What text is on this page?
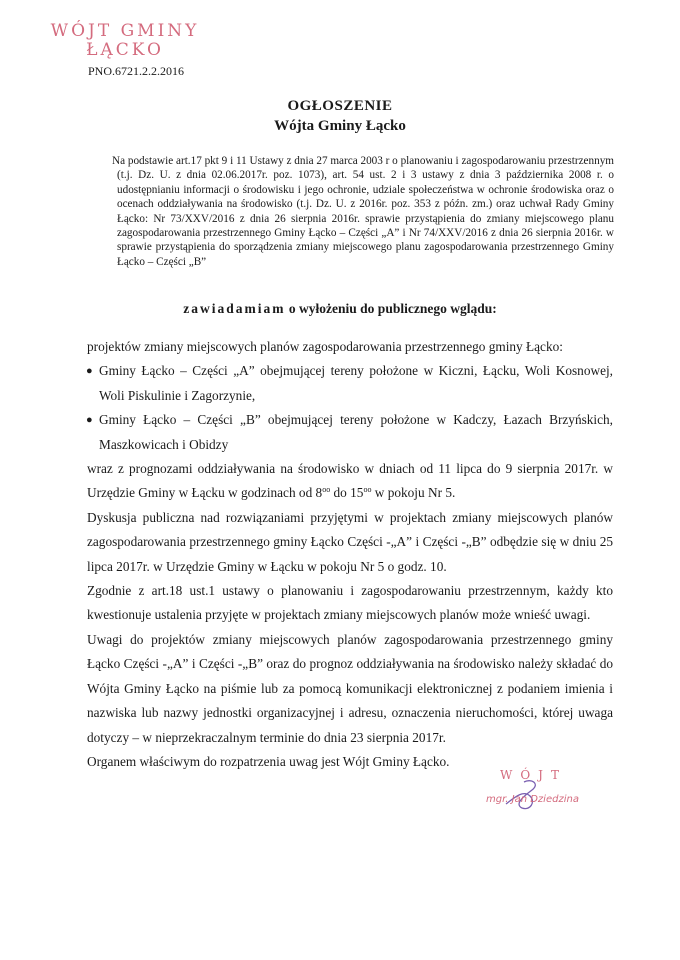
WÓJT GMINY
ŁĄCKO
PNO.6721.2.2.2016
OGŁOSZENIE
Wójta Gminy Łącko

Na podstawie art.17 pkt 9 i 11 Ustawy z dnia 27 marca 2003 r o planowaniu i zagospodarowaniu przestrzennym (t.j. Dz. U. z dnia 02.06.2017r. poz. 1073), art. 54 ust. 2 i 3 ustawy z dnia 3 października 2008 r. o udostępnianiu informacji o środowisku i jego ochronie, udziale społeczeństwa w ochronie środowiska oraz o ocenach oddziaływania na środowisko (t.j. Dz. U. z 2016r. poz. 353 z późn. zm.) oraz uchwał Rady Gminy Łącko: Nr 73/XXV/2016 z dnia 26 sierpnia 2016r. sprawie przystąpienia do zmiany miejscowego planu zagospodarowania przestrzennego Gminy Łącko – Części „A” i Nr 74/XXV/2016 z dnia 26 sierpnia 2016r. w sprawie przystąpienia do sporządzenia zmiany miejscowego planu zagospodarowania przestrzennego Gminy Łącko – Części „B”

zawiadamiam o wyłożeniu do publicznego wglądu:

projektów zmiany miejscowych planów zagospodarowania przestrzennego gminy Łącko:

● Gminy Łącko – Części „A” obejmującej tereny położone w Kiczni, Łącku, Woli Kosnowej, Woli Piskulinie i Zagorzynie,
● Gminy Łącko – Części „B” obejmującej tereny położone w Kadczy, Łazach Brzyńskich, Maszkowicach i Obidzy

wraz z prognozami oddziaływania na środowisko w dniach od 11 lipca do 9 sierpnia 2017r. w Urzędzie Gminy w Łącku w godzinach od $8^{oo}$ do $15^{oo}$ w pokoju Nr 5.

Dyskusja publiczna nad rozwiązaniami przyjętymi w projektach zmiany miejscowych planów zagospodarowania przestrzennego gminy Łącko Części -„A” i Części -„B” odbędzie się w dniu 25 lipca 2017r. w Urzędzie Gminy w Łącku w pokoju Nr 5 o godz. 10.

Zgodnie z art.18 ust.1 ustawy o planowaniu i zagospodarowaniu przestrzennym, każdy kto kwestionuje ustalenia przyjęte w projektach zmiany miejscowych planów może wnieść uwagi.

Uwagi do projektów zmiany miejscowych planów zagospodarowania przestrzennego gminy Łącko Części -„A” i Części -„B” oraz do prognoz oddziaływania na środowisko należy składać do Wójta Gminy Łącko na piśmie lub za pomocą komunikacji elektronicznej z podaniem imienia i nazwiska lub nazwy jednostki organizacyjnej i adresu, oznaczenia nieruchomości, której uwaga dotyczy – w nieprzekraczalnym terminie do dnia 23 sierpnia 2017r.

Organem właściwym do rozpatrzenia uwag jest Wójt Gminy Łącko.

WÓJT
mgr. Jan Dziedzina
